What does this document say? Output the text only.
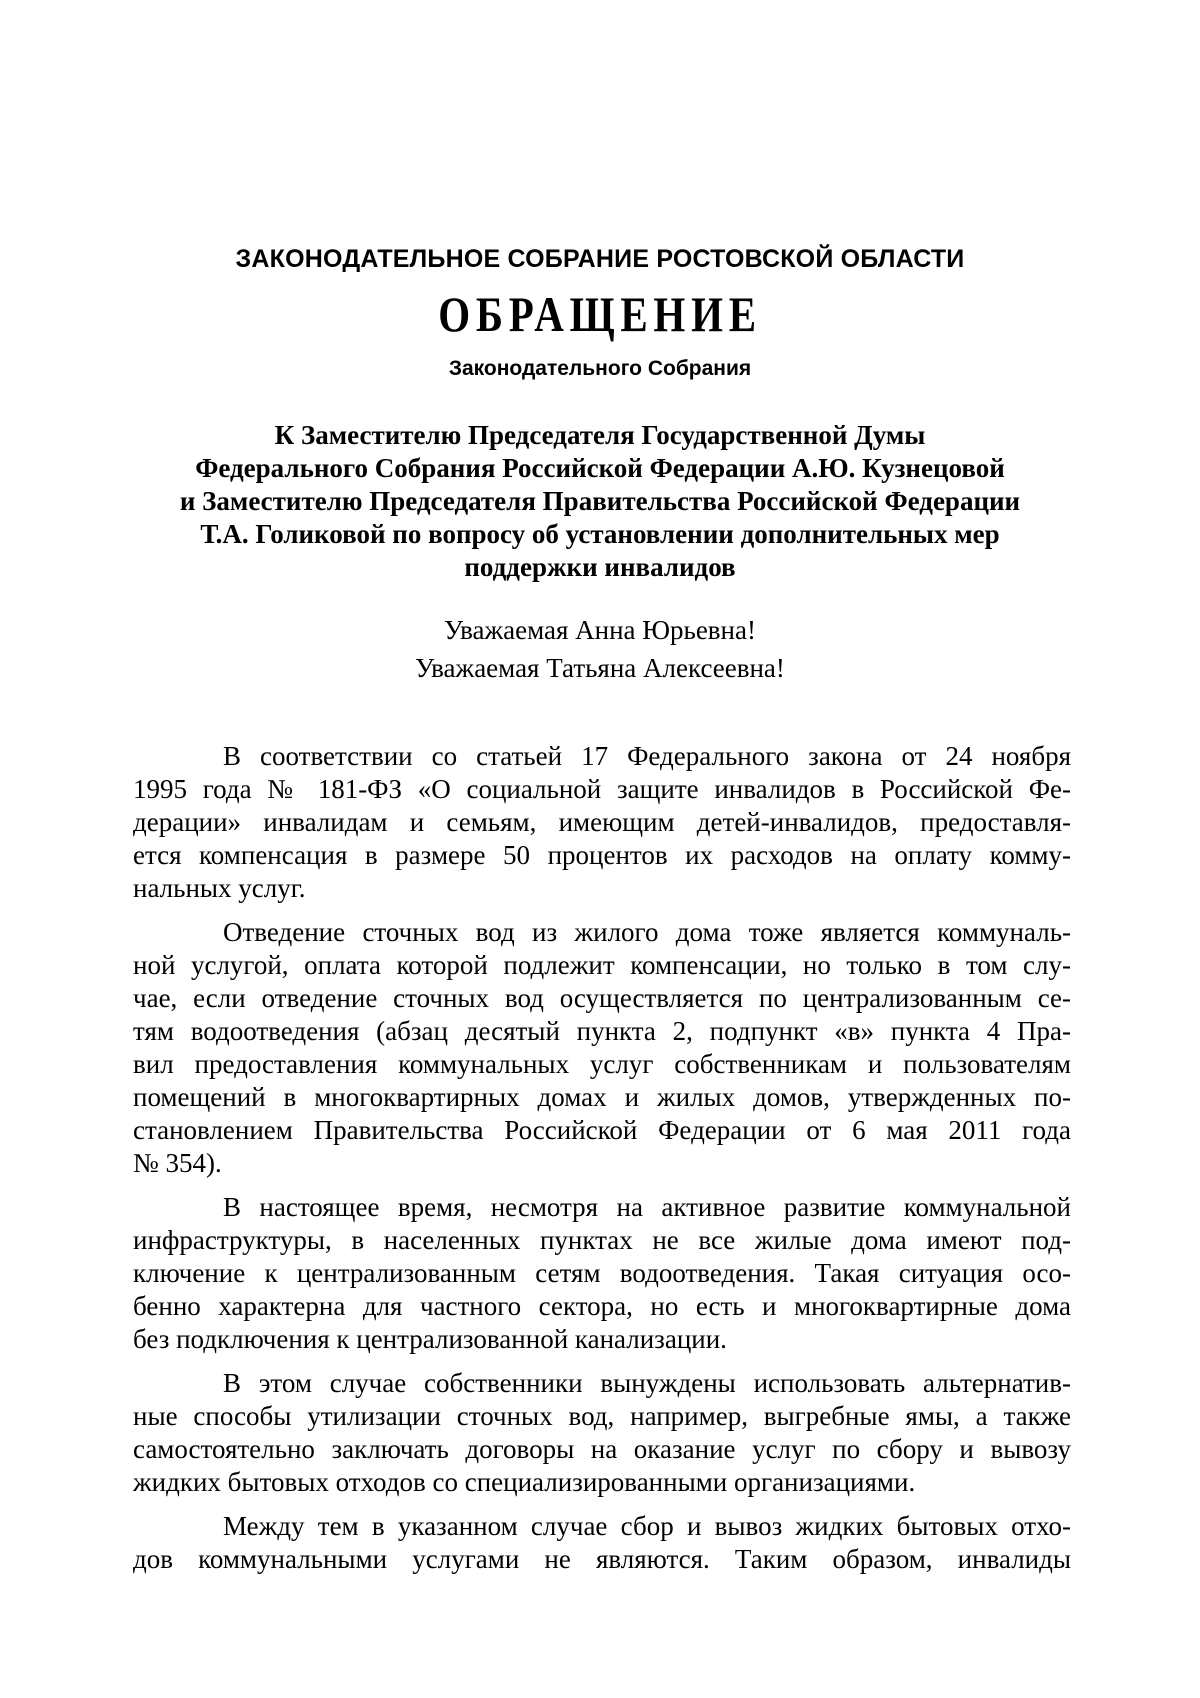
ЗАКОНОДАТЕЛЬНОЕ СОБРАНИЕ РОСТОВСКОЙ ОБЛАСТИ
ОБРАЩЕНИЕ
Законодательного Собрания
К Заместителю Председателя Государственной Думы
Федерального Собрания Российской Федерации А.Ю. Кузнецовой
и Заместителю Председателя Правительства Российской Федерации
Т.А. Голиковой по вопросу об установлении дополнительных мер
поддержки инвалидов
Уважаемая Анна Юрьевна!
Уважаемая Татьяна Алексеевна!
В соответствии со статьей 17 Федерального закона от 24 ноября
1995 года № 181-ФЗ «О социальной защите инвалидов в Российской Фе-
дерации» инвалидам и семьям, имеющим детей-инвалидов, предоставля-
ется компенсация в размере 50 процентов их расходов на оплату комму-
нальных услуг.
Отведение сточных вод из жилого дома тоже является коммуналь-
ной услугой, оплата которой подлежит компенсации, но только в том слу-
чае, если отведение сточных вод осуществляется по централизованным се-
тям водоотведения (абзац десятый пункта 2, подпункт «в» пункта 4 Пра-
вил предоставления коммунальных услуг собственникам и пользователям
помещений в многоквартирных домах и жилых домов, утвержденных по-
становлением Правительства Российской Федерации от 6 мая 2011 года
№ 354).
В настоящее время, несмотря на активное развитие коммунальной
инфраструктуры, в населенных пунктах не все жилые дома имеют под-
ключение к централизованным сетям водоотведения. Такая ситуация осо-
бенно характерна для частного сектора, но есть и многоквартирные дома
без подключения к централизованной канализации.
В этом случае собственники вынуждены использовать альтернатив-
ные способы утилизации сточных вод, например, выгребные ямы, а также
самостоятельно заключать договоры на оказание услуг по сбору и вывозу
жидких бытовых отходов со специализированными организациями.
Между тем в указанном случае сбор и вывоз жидких бытовых отхо-
дов коммунальными услугами не являются. Таким образом, инвалиды
